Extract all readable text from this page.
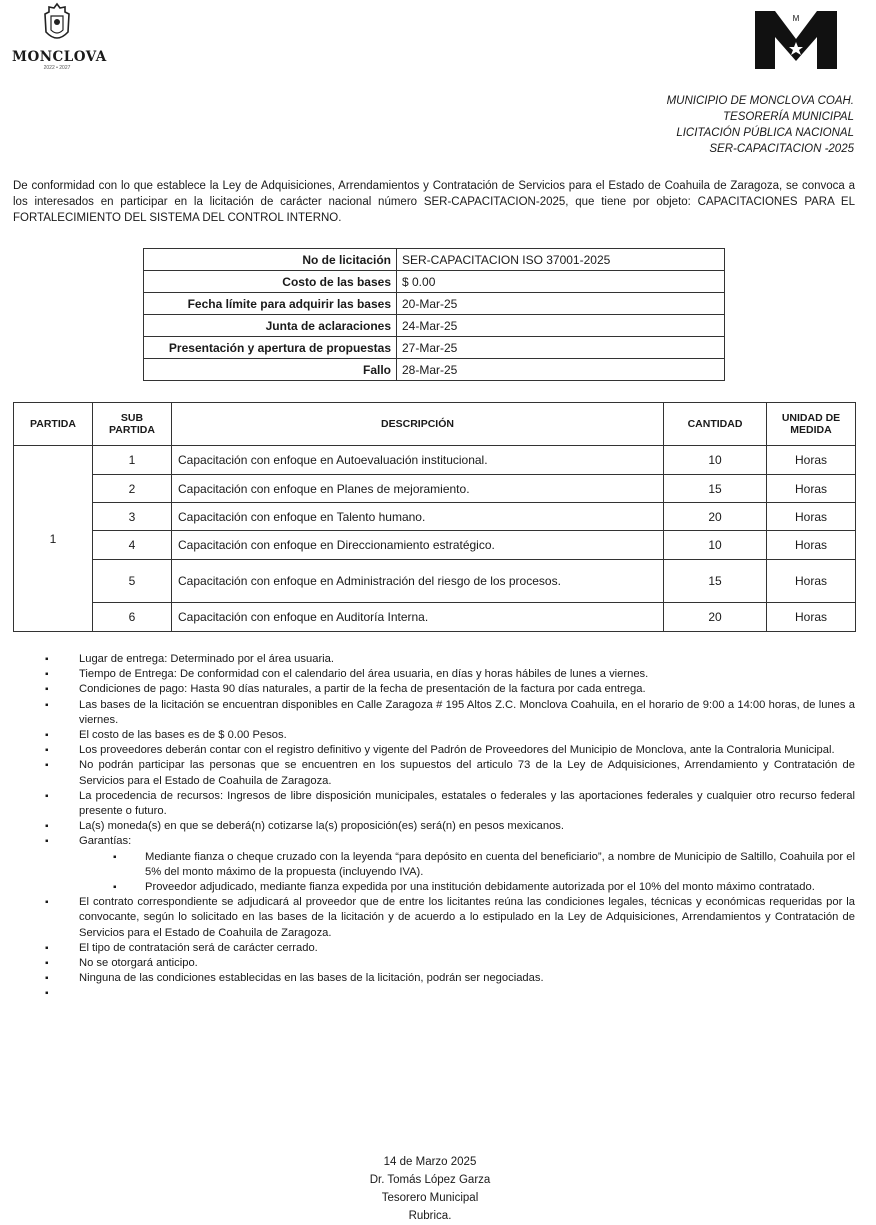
MONCLOVA
2022 • 2027
M
MUNICIPIO DE MONCLOVA COAH.
TESORERÍA MUNICIPAL
LICITACIÓN PÚBLICA NACIONAL
SER-CAPACITACION -2025
De conformidad con lo que establece la Ley de Adquisiciones, Arrendamientos y Contratación de Servicios para el Estado de Coahuila de Zaragoza, se convoca a los interesados en participar en la licitación de carácter nacional número SER-CAPACITACION-2025, que tiene por objeto: CAPACITACIONES PARA EL FORTALECIMIENTO DEL SISTEMA DEL CONTROL INTERNO.
No de licitación	SER-CAPACITACION ISO 37001-2025
Costo de las bases	$ 0.00
Fecha límite para adquirir las bases	20-Mar-25
Junta de aclaraciones	24-Mar-25
Presentación y apertura de propuestas	27-Mar-25
Fallo	28-Mar-25
PARTIDA	SUB PARTIDA	DESCRIPCIÓN	CANTIDAD	UNIDAD DE MEDIDA
1	1	Capacitación con enfoque en Autoevaluación institucional.	10	Horas
	2	Capacitación con enfoque en Planes de mejoramiento.	15	Horas
	3	Capacitación con enfoque en Talento humano.	20	Horas
	4	Capacitación con enfoque en Direccionamiento estratégico.	10	Horas
	5	Capacitación con enfoque en Administración del riesgo de los procesos.	15	Horas
	6	Capacitación con enfoque en Auditoría Interna.	20	Horas
▪ Lugar de entrega: Determinado por el área usuaria.
▪ Tiempo de Entrega: De conformidad con el calendario del área usuaria, en días y horas hábiles de lunes a viernes.
▪ Condiciones de pago: Hasta 90 días naturales, a partir de la fecha de presentación de la factura por cada entrega.
▪ Las bases de la licitación se encuentran disponibles en Calle Zaragoza # 195 Altos Z.C. Monclova Coahuila, en el horario de 9:00 a 14:00 horas, de lunes a viernes.
▪ El costo de las bases es de $ 0.00 Pesos.
▪ Los proveedores deberán contar con el registro definitivo y vigente del Padrón de Proveedores del Municipio de Monclova, ante la Contraloria Municipal.
▪ No podrán participar las personas que se encuentren en los supuestos del articulo 73 de la Ley de Adquisiciones, Arrendamiento y Contratación de Servicios para el Estado de Coahuila de Zaragoza.
▪ La procedencia de recursos: Ingresos de libre disposición municipales, estatales o federales y las aportaciones federales y cualquier otro recurso federal presente o futuro.
▪ La(s) moneda(s) en que se deberá(n) cotizarse la(s) proposición(es) será(n) en pesos mexicanos.
▪ Garantías:
▪ Mediante fianza o cheque cruzado con la leyenda “para depósito en cuenta del beneficiario”, a nombre de Municipio de Saltillo, Coahuila por el 5% del monto máximo de la propuesta (incluyendo IVA).
▪ Proveedor adjudicado, mediante fianza expedida por una institución debidamente autorizada por el 10% del monto máximo contratado.
▪ El contrato correspondiente se adjudicará al proveedor que de entre los licitantes reúna las condiciones legales, técnicas y económicas requeridas por la convocante, según lo solicitado en las bases de la licitación y de acuerdo a lo estipulado en la Ley de Adquisiciones, Arrendamientos y Contratación de Servicios para el Estado de Coahuila de Zaragoza.
▪ El tipo de contratación será de carácter cerrado.
▪ No se otorgará anticipo.
▪ Ninguna de las condiciones establecidas en las bases de la licitación, podrán ser negociadas.
▪
14 de Marzo 2025
Dr. Tomás López Garza
Tesorero Municipal
Rubrica.
